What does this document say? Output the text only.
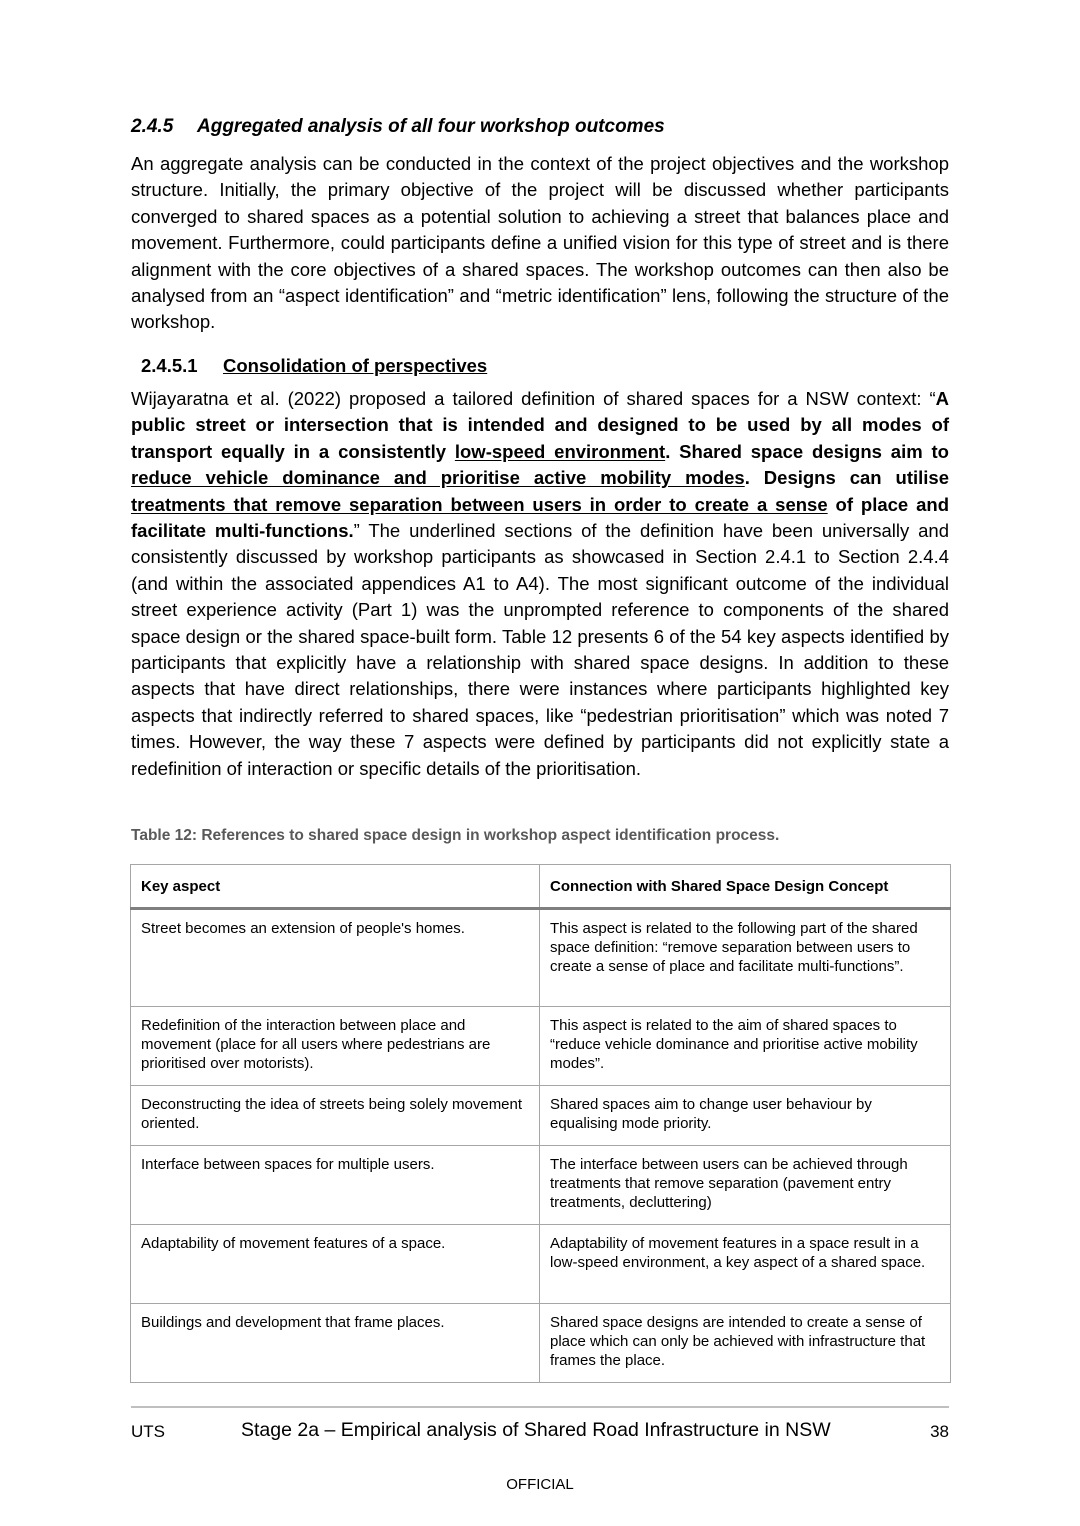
2.4.5 Aggregated analysis of all four workshop outcomes
An aggregate analysis can be conducted in the context of the project objectives and the workshop structure. Initially, the primary objective of the project will be discussed whether participants converged to shared spaces as a potential solution to achieving a street that balances place and movement. Furthermore, could participants define a unified vision for this type of street and is there alignment with the core objectives of a shared spaces. The workshop outcomes can then also be analysed from an “aspect identification” and “metric identification” lens, following the structure of the workshop.
2.4.5.1 Consolidation of perspectives
Wijayaratna et al. (2022) proposed a tailored definition of shared spaces for a NSW context: “A public street or intersection that is intended and designed to be used by all modes of transport equally in a consistently low-speed environment. Shared space designs aim to reduce vehicle dominance and prioritise active mobility modes. Designs can utilise treatments that remove separation between users in order to create a sense of place and facilitate multi-functions.” The underlined sections of the definition have been universally and consistently discussed by workshop participants as showcased in Section 2.4.1 to Section 2.4.4 (and within the associated appendices A1 to A4). The most significant outcome of the individual street experience activity (Part 1) was the unprompted reference to components of the shared space design or the shared space-built form. Table 12 presents 6 of the 54 key aspects identified by participants that explicitly have a relationship with shared space designs. In addition to these aspects that have direct relationships, there were instances where participants highlighted key aspects that indirectly referred to shared spaces, like “pedestrian prioritisation” which was noted 7 times. However, the way these 7 aspects were defined by participants did not explicitly state a redefinition of interaction or specific details of the prioritisation.
Table 12: References to shared space design in workshop aspect identification process.
Key aspect	Connection with Shared Space Design Concept
Street becomes an extension of people's homes.	This aspect is related to the following part of the shared space definition: “remove separation between users to create a sense of place and facilitate multi-functions”.
Redefinition of the interaction between place and movement (place for all users where pedestrians are prioritised over motorists).	This aspect is related to the aim of shared spaces to “reduce vehicle dominance and prioritise active mobility modes”.
Deconstructing the idea of streets being solely movement oriented.	Shared spaces aim to change user behaviour by equalising mode priority.
Interface between spaces for multiple users.	The interface between users can be achieved through treatments that remove separation (pavement entry treatments, decluttering)
Adaptability of movement features of a space.	Adaptability of movement features in a space result in a low-speed environment, a key aspect of a shared space.
Buildings and development that frame places.	Shared space designs are intended to create a sense of place which can only be achieved with infrastructure that frames the place.
UTS	Stage 2a – Empirical analysis of Shared Road Infrastructure in NSW	38
OFFICIAL
